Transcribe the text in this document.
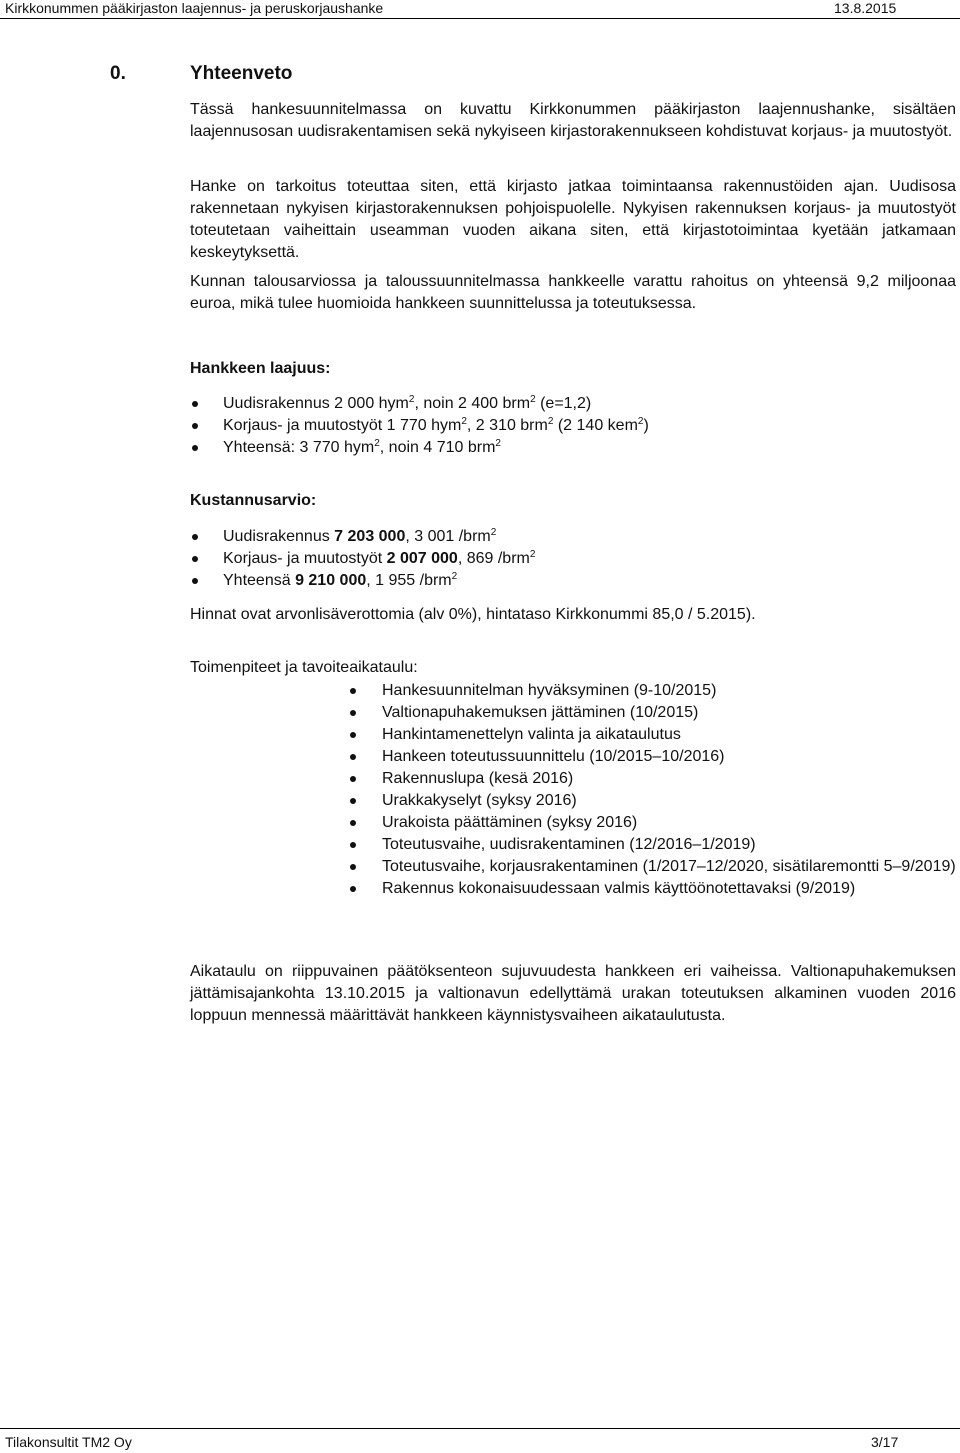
Kirkkonummen pääkirjaston laajennus- ja peruskorjaushanke	13.8.2015
0.	Yhteenveto

Tässä hankesuunnitelmassa on kuvattu Kirkkonummen pääkirjaston laajennushanke, sisältäen laajennusosan uudisrakentamisen sekä nykyiseen kirjastorakennukseen kohdistuvat korjaus- ja muutostyöt.

Hanke on tarkoitus toteuttaa siten, että kirjasto jatkaa toimintaansa rakennustöiden ajan. Uudisosa rakennetaan nykyisen kirjastorakennuksen pohjoispuolelle. Nykyisen rakennuksen korjaus- ja muutostyöt toteutetaan vaiheittain useamman vuoden aikana siten, että kirjastotoimintaa kyetään jatkamaan keskeytyksettä.

Kunnan talousarviossa ja taloussuunnitelmassa hankkeelle varattu rahoitus on yhteensä 9,2 miljoonaa euroa, mikä tulee huomioida hankkeen suunnittelussa ja toteutuksessa.

Hankkeen laajuus:
Uudisrakennus 2 000 hym$^2$, noin 2 400 brm$^2$ (e=1,2)
Korjaus- ja muutostyöt 1 770 hym$^2$, 2 310 brm$^2$ (2 140 kem$^2$)
Yhteensä: 3 770 hym$^2$, noin 4 710 brm$^2$
Kustannusarvio:
Uudisrakennus 7 203 000, 3 001 /brm$^2$
Korjaus- ja muutostyöt 2 007 000, 869 /brm$^2$
Yhteensä 9 210 000, 1 955 /brm$^2$

Hinnat ovat arvonlisäverottomia (alv 0%), hintataso Kirkkonummi 85,0 / 5.2015).

Toimenpiteet ja tavoiteaikataulu:
Hankesuunnitelman hyväksyminen (9-10/2015)
Valtionapuhakemuksen jättäminen (10/2015)
Hankintamenettelyn valinta ja aikataulutus
Hankeen toteutussuunnittelu (10/2015–10/2016)
Rakennuslupa (kesä 2016)
Urakkakyselyt (syksy 2016)
Urakoista päättäminen (syksy 2016)
Toteutusvaihe, uudisrakentaminen (12/2016–1/2019)
Toteutusvaihe, korjausrakentaminen (1/2017–12/2020, sisätilaremontti 5–9/2019)
Rakennus kokonaisuudessaan valmis käyttöönotettavaksi (9/2019)

Aikataulu on riippuvainen päätöksenteon sujuvuudesta hankkeen eri vaiheissa. Valtionapuhakemuksen jättämisajankohta 13.10.2015 ja valtionavun edellyttämä urakan toteutuksen alkaminen vuoden 2016 loppuun mennessä määrittävät hankkeen käynnistysvaiheen aikataulutusta.

Tilakonsultit TM2 Oy	3/17
